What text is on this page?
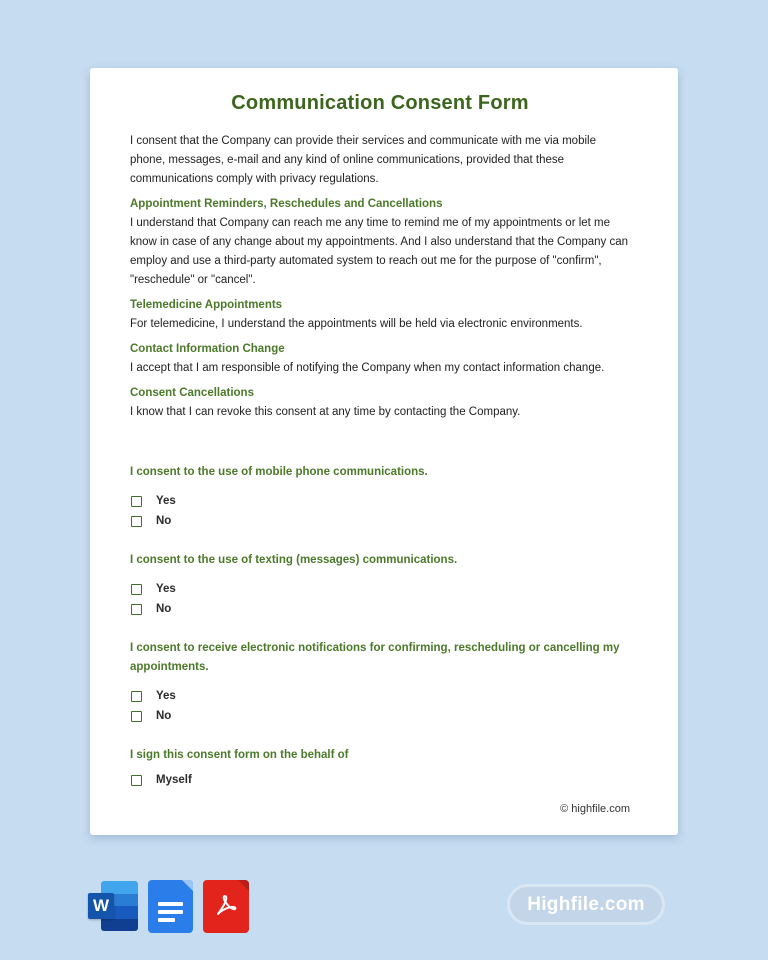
Communication Consent Form

I consent that the Company can provide their services and communicate with me via mobile phone, messages, e-mail and any kind of online communications, provided that these communications comply with privacy regulations.

Appointment Reminders, Reschedules and Cancellations

I understand that Company can reach me any time to remind me of my appointments or let me know in case of any change about my appointments. And I also understand that the Company can employ and use a third-party automated system to reach out me for the purpose of "confirm", "reschedule" or "cancel".

Telemedicine Appointments

For telemedicine, I understand the appointments will be held via electronic environments.

Contact Information Change

I accept that I am responsible of notifying the Company when my contact information change.

Consent Cancellations

I know that I can revoke this consent at any time by contacting the Company.

I consent to the use of mobile phone communications.

Yes
No

I consent to the use of texting (messages) communications.

Yes
No

I consent to receive electronic notifications for confirming, rescheduling or cancelling my appointments.

Yes
No

I sign this consent form on the behalf of

Myself
© highfile.com
W	Highfile.com
